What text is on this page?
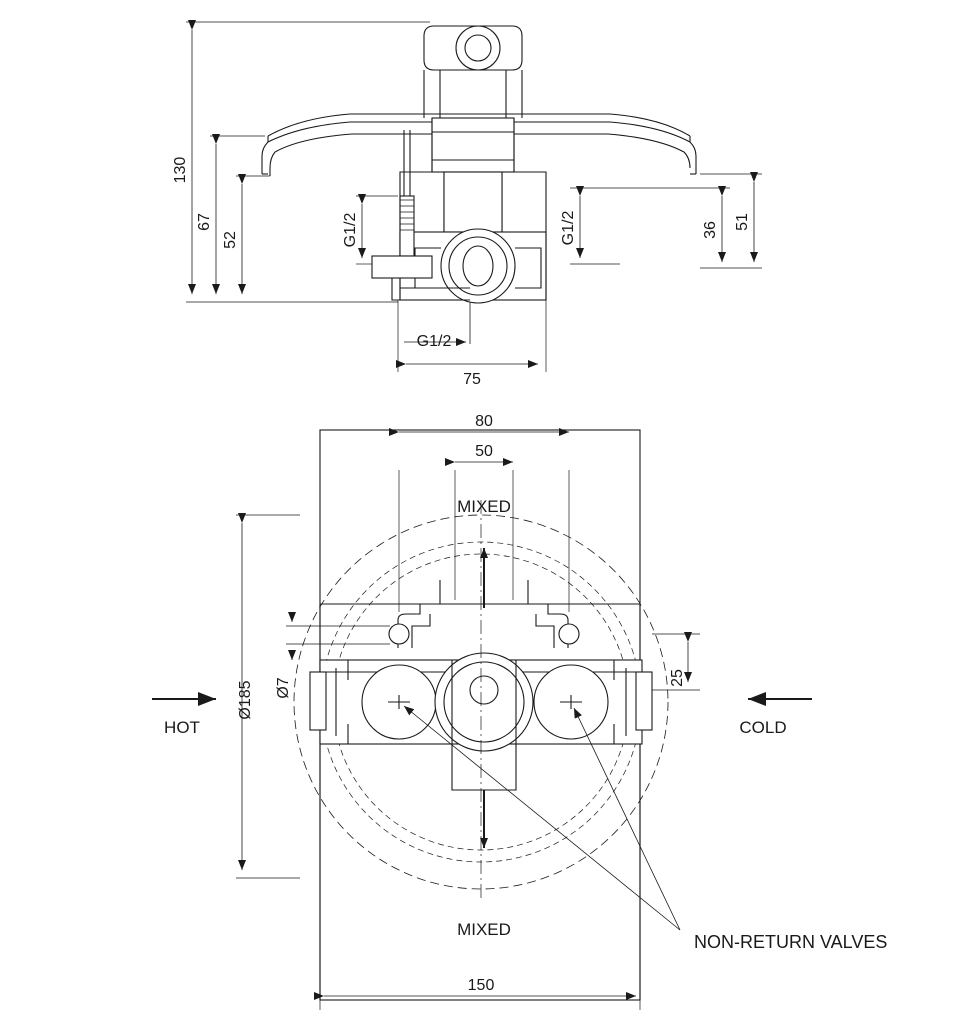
130
67
52
51
36
75
G1/2	G1/2
G1/2
80
50
150
Ø185 Ø7	25
MIXED
MIXED
HOT	COLD
NON-RETURN VALVES
